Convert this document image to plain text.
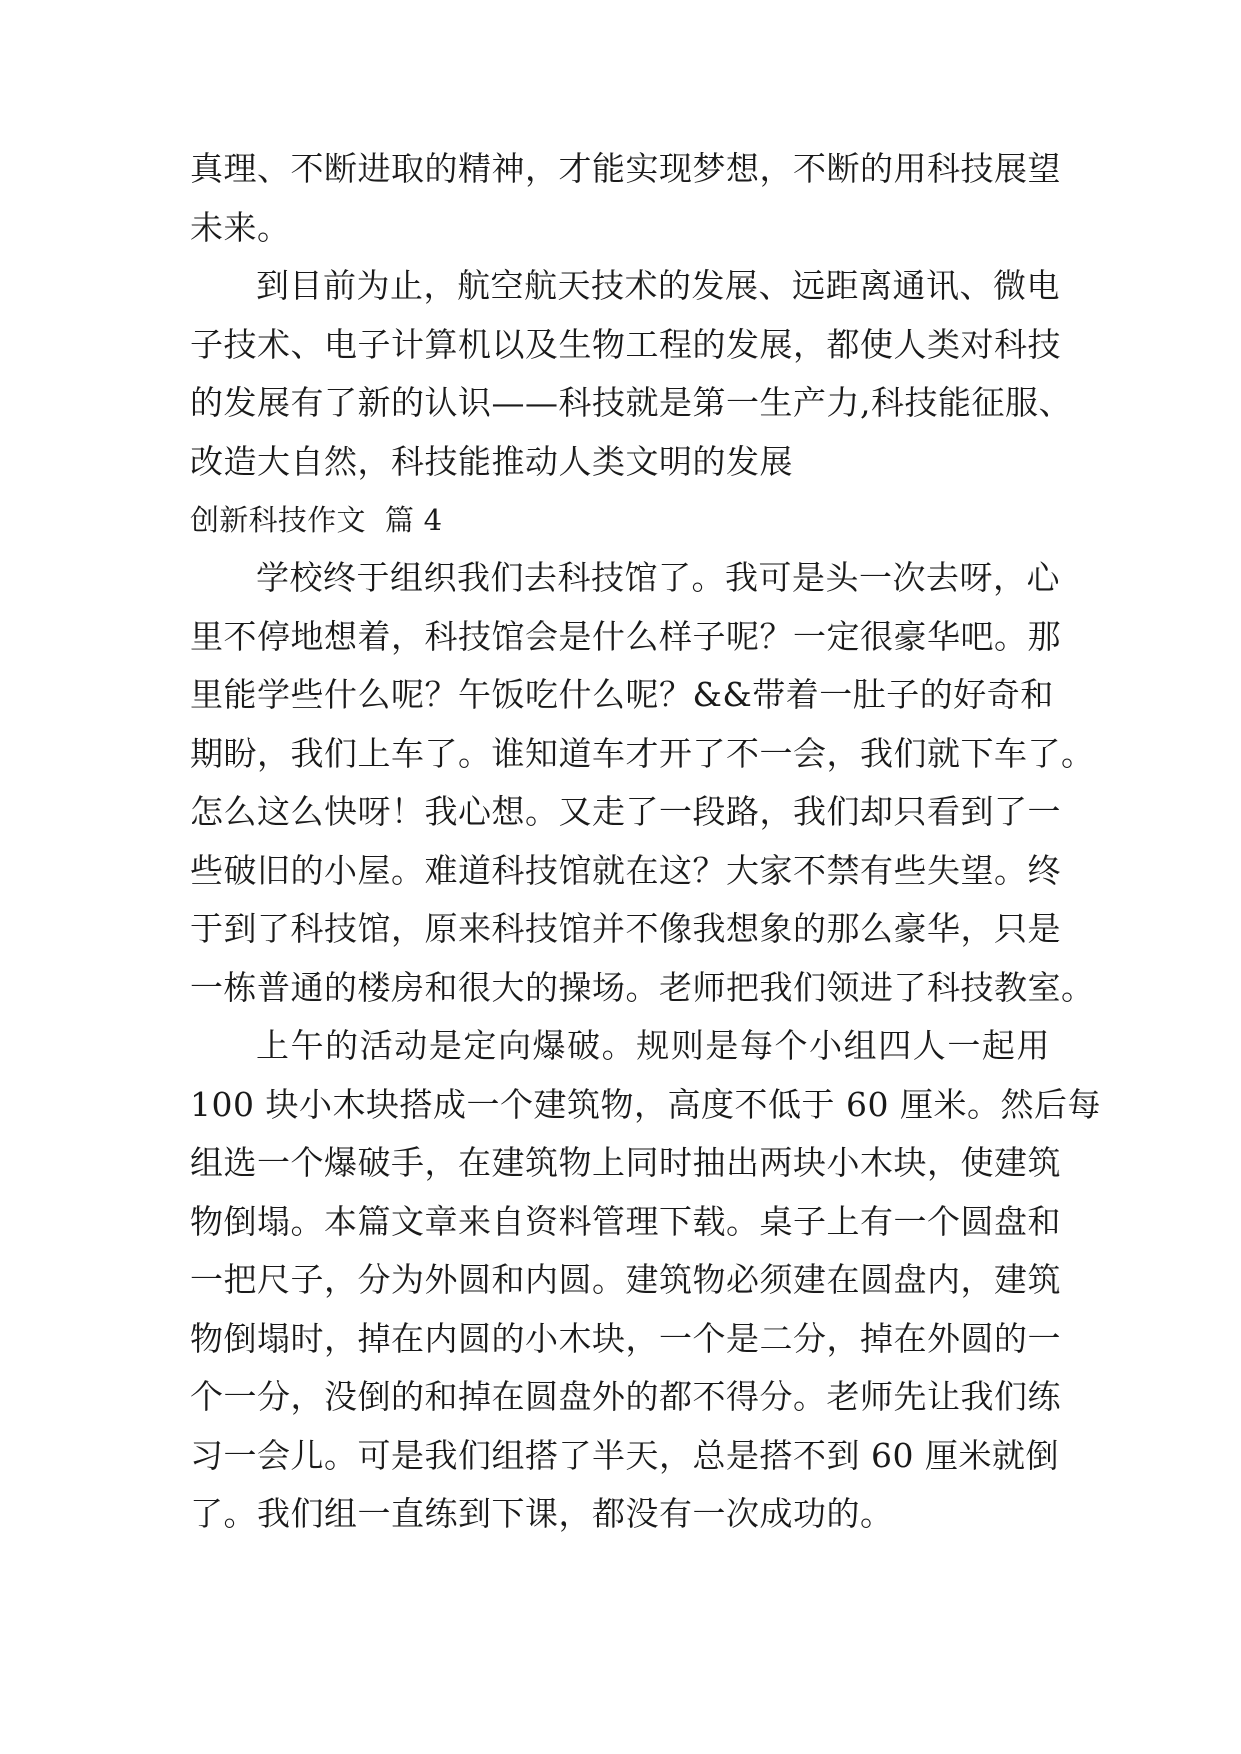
真理、不断进取的精神，才能实现梦想，不断的用科技展望
未来。
到目前为止，航空航天技术的发展、远距离通讯、微电
子技术、电子计算机以及生物工程的发展，都使人类对科技
的发展有了新的认识——科技就是第一生产力,科技能征服、
改造大自然，科技能推动人类文明的发展
创新科技作文  篇 4
学校终于组织我们去科技馆了。我可是头一次去呀，心
里不停地想着，科技馆会是什么样子呢？一定很豪华吧。那
里能学些什么呢？午饭吃什么呢？&&带着一肚子的好奇和
期盼，我们上车了。谁知道车才开了不一会，我们就下车了。
怎么这么快呀！我心想。又走了一段路，我们却只看到了一
些破旧的小屋。难道科技馆就在这？大家不禁有些失望。终
于到了科技馆，原来科技馆并不像我想象的那么豪华，只是
一栋普通的楼房和很大的操场。老师把我们领进了科技教室。
上午的活动是定向爆破。规则是每个小组四人一起用
100 块小木块搭成一个建筑物，高度不低于 60 厘米。然后每
组选一个爆破手，在建筑物上同时抽出两块小木块，使建筑
物倒塌。本篇文章来自资料管理下载。桌子上有一个圆盘和
一把尺子，分为外圆和内圆。建筑物必须建在圆盘内，建筑
物倒塌时，掉在内圆的小木块，一个是二分，掉在外圆的一
个一分，没倒的和掉在圆盘外的都不得分。老师先让我们练
习一会儿。可是我们组搭了半天，总是搭不到 60 厘米就倒
了。我们组一直练到下课，都没有一次成功的。
